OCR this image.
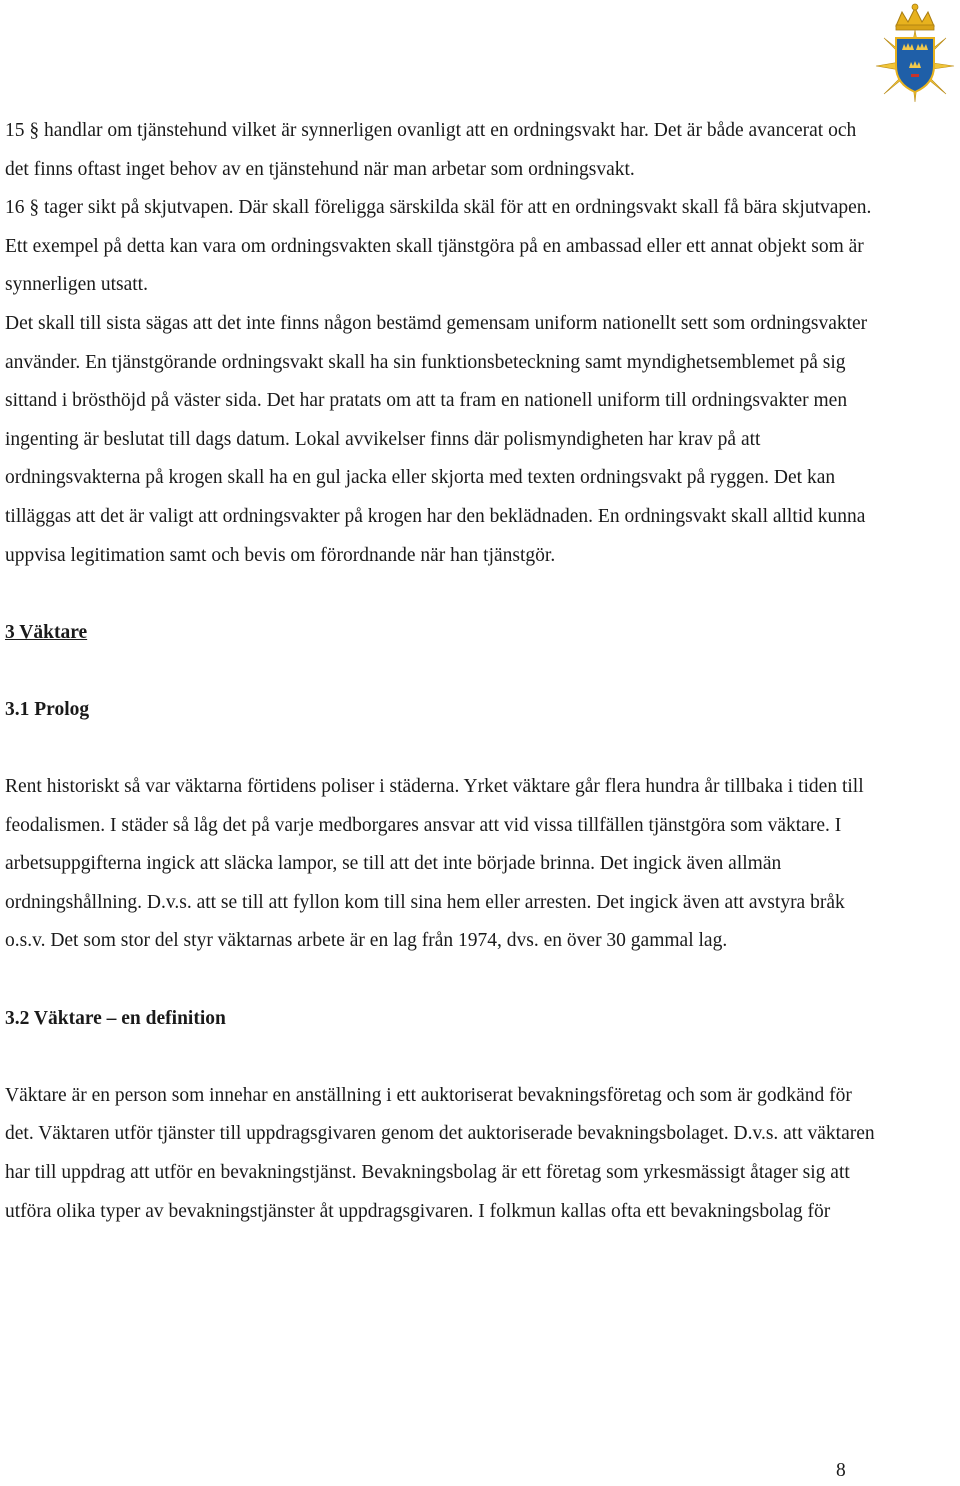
15 § handlar om tjänstehund vilket är synnerligen ovanligt att en ordningsvakt har. Det är både avancerat och det finns oftast inget behov av en tjänstehund när man arbetar som ordningsvakt.

16 § tager sikt på skjutvapen. Där skall föreligga särskilda skäl för att en ordningsvakt skall få bära skjutvapen. Ett exempel på detta kan vara om ordningsvakten skall tjänstgöra på en ambassad eller ett annat objekt som är synnerligen utsatt.

Det skall till sista sägas att det inte finns någon bestämd gemensam uniform nationellt sett som ordningsvakter använder. En tjänstgörande ordningsvakt skall ha sin funktionsbeteckning samt myndighetsemblemet på sig sittand i brösthöjd på väster sida. Det har pratats om att ta fram en nationell uniform till ordningsvakter men ingenting är beslutat till dags datum. Lokal avvikelser finns där polismyndigheten har krav på att ordningsvakterna på krogen skall ha en gul jacka eller skjorta med texten ordningsvakt på ryggen. Det kan tilläggas att det är valigt att ordningsvakter på krogen har den beklädnaden. En ordningsvakt skall alltid kunna uppvisa legitimation samt och bevis om förordnande när han tjänstgör.

3 Väktare

3.1 Prolog

Rent historiskt så var väktarna förtidens poliser i städerna. Yrket väktare går flera hundra år tillbaka i tiden till feodalismen. I städer så låg det på varje medborgares ansvar att vid vissa tillfällen tjänstgöra som väktare. I arbetsuppgifterna ingick att släcka lampor, se till att det inte började brinna. Det ingick även allmän ordningshållning. D.v.s. att se till att fyllon kom till sina hem eller arresten. Det ingick även att avstyra bråk o.s.v. Det som stor del styr väktarnas arbete är en lag från 1974, dvs. en över 30 gammal lag.

3.2 Väktare – en definition

Väktare är en person som innehar en anställning i ett auktoriserat bevakningsföretag och som är godkänd för det. Väktaren utför tjänster till uppdragsgivaren genom det auktoriserade bevakningsbolaget. D.v.s. att väktaren har till uppdrag att utför en bevakningstjänst. Bevakningsbolag är ett företag som yrkesmässigt åtager sig att utföra olika typer av bevakningstjänster åt uppdragsgivaren. I folkmun kallas ofta ett bevakningsbolag för

8
